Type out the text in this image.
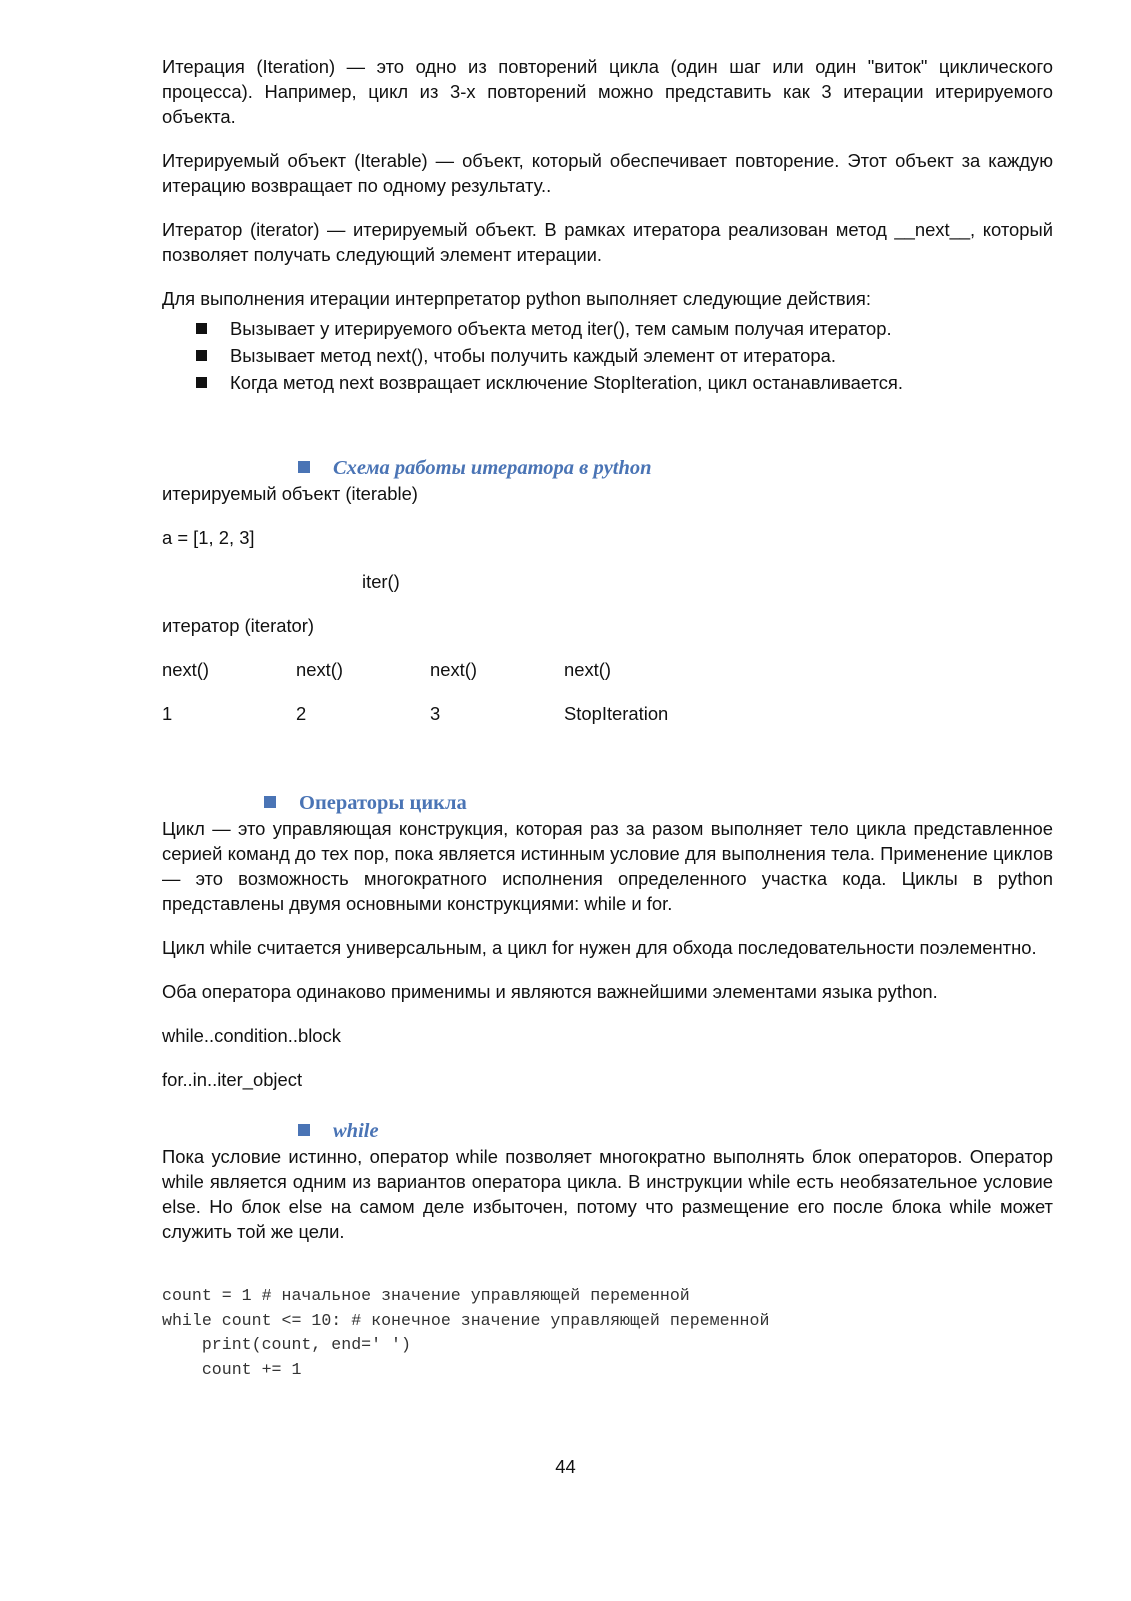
Итерация (Iteration) — это одно из повторений цикла (один шаг или один "виток" циклического процесса). Например, цикл из 3-х повторений можно представить как 3 итерации итерируемого объекта.

Итерируемый объект (Iterable) — объект, который обеспечивает повторение. Этот объект за каждую итерацию возвращает по одному результату..

Итератор (iterator) — итерируемый объект. В рамках итератора реализован метод __next__, который позволяет получать следующий элемент итерации.

Для выполнения итерации интерпретатор python выполняет следующие действия:

Вызывает у итерируемого объекта метод iter(), тем самым получая итератор.
Вызывает метод next(), чтобы получить каждый элемент от итератора.
Когда метод next возвращает исключение StopIteration, цикл останавливается.
Схема работы итератора в python

итерируемый объект (iterable)

a = [1, 2, 3]

iter()

итератор (iterator)

next()	next()	next()	next()
1	2	3	StopIteration
Операторы цикла

Цикл — это управляющая конструкция, которая раз за разом выполняет тело цикла представленное серией команд до тех пор, пока является истинным условие для выполнения тела. Применение циклов — это возможность многократного исполнения определенного участка кода. Циклы в python представлены двумя основными конструкциями: while и for.

Цикл while считается универсальным, а цикл for нужен для обхода последовательности поэлементно.

Оба оператора одинаково применимы и являются важнейшими элементами языка python.

while..condition..block

for..in..iter_object

while

Пока условие истинно, оператор while позволяет многократно выполнять блок операторов. Оператор while является одним из вариантов оператора цикла. В инструкции while есть необязательное условие else. Но блок else на самом деле избыточен, потому что размещение его после блока while может служить той же цели.

count = 1 # начальное значение управляющей переменной
while count <= 10: # конечное значение управляющей переменной
print(count, end=' ')
count += 1
44
